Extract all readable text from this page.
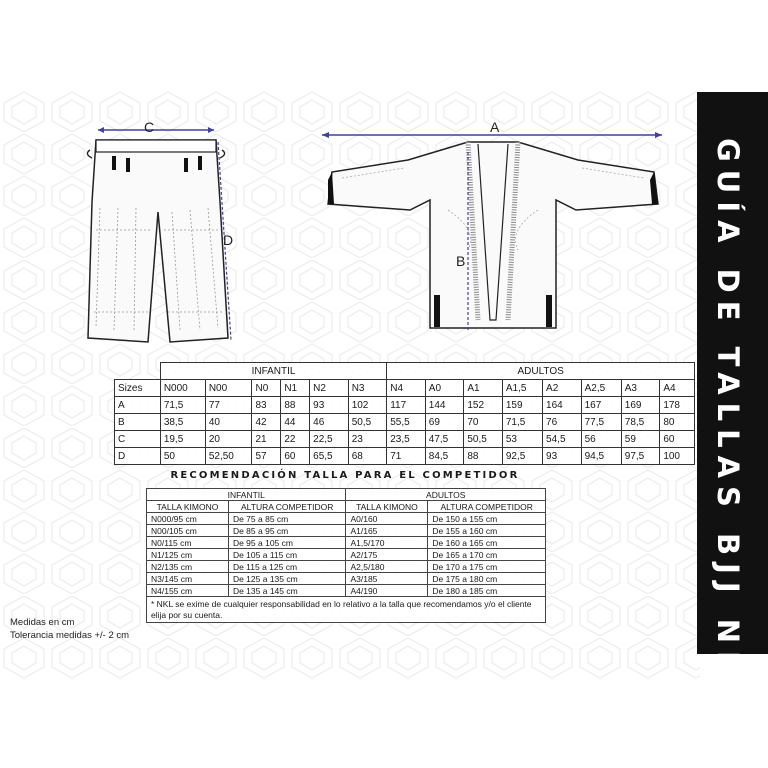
GUÍA DE TALLAS BJJ NKL
C
D
A
B
	INFANTIL						ADULTOS							
Sizes	N000	N00	N0	N1	N2	N3	N4	A0	A1	A1,5	A2	A2,5	A3	A4
A	71,5	77	83	88	93	102	117	144	152	159	164	167	169	178
B	38,5	40	42	44	46	50,5	55,5	69	70	71,5	76	77,5	78,5	80
C	19,5	20	21	22	22,5	23	23,5	47,5	50,5	53	54,5	56	59	60
D	50	52,50	57	60	65,5	68	71	84,5	88	92,5	93	94,5	97,5	100
RECOMENDACIÓN TALLA PARA EL COMPETIDOR
INFANTIL		ADULTOS	
TALLA KIMONO	ALTURA COMPETIDOR	TALLA KIMONO	ALTURA COMPETIDOR
N000/95 cm	De 75 a 85 cm	A0/160	De 150 a 155 cm
N00/105 cm	De 85 a 95 cm	A1/165	De 155 a 160 cm
N0/115 cm	De 95 a 105 cm	A1,5/170	De 160 a 165 cm
N1/125 cm	De 105 a 115 cm	A2/175	De 165 a 170 cm
N2/135 cm	De 115 a 125 cm	A2,5/180	De 170 a 175 cm
N3/145 cm	De 125 a 135 cm	A3/185	De 175 a 180 cm
N4/155 cm	De 135 a 145 cm	A4/190	De 180 a 185 cm
* NKL se exime de cualquier responsabilidad en lo relativo a la talla que recomendamos y/o el cliente elija por su cuenta.			
Medidas en cm
Tolerancia medidas +/- 2 cm
